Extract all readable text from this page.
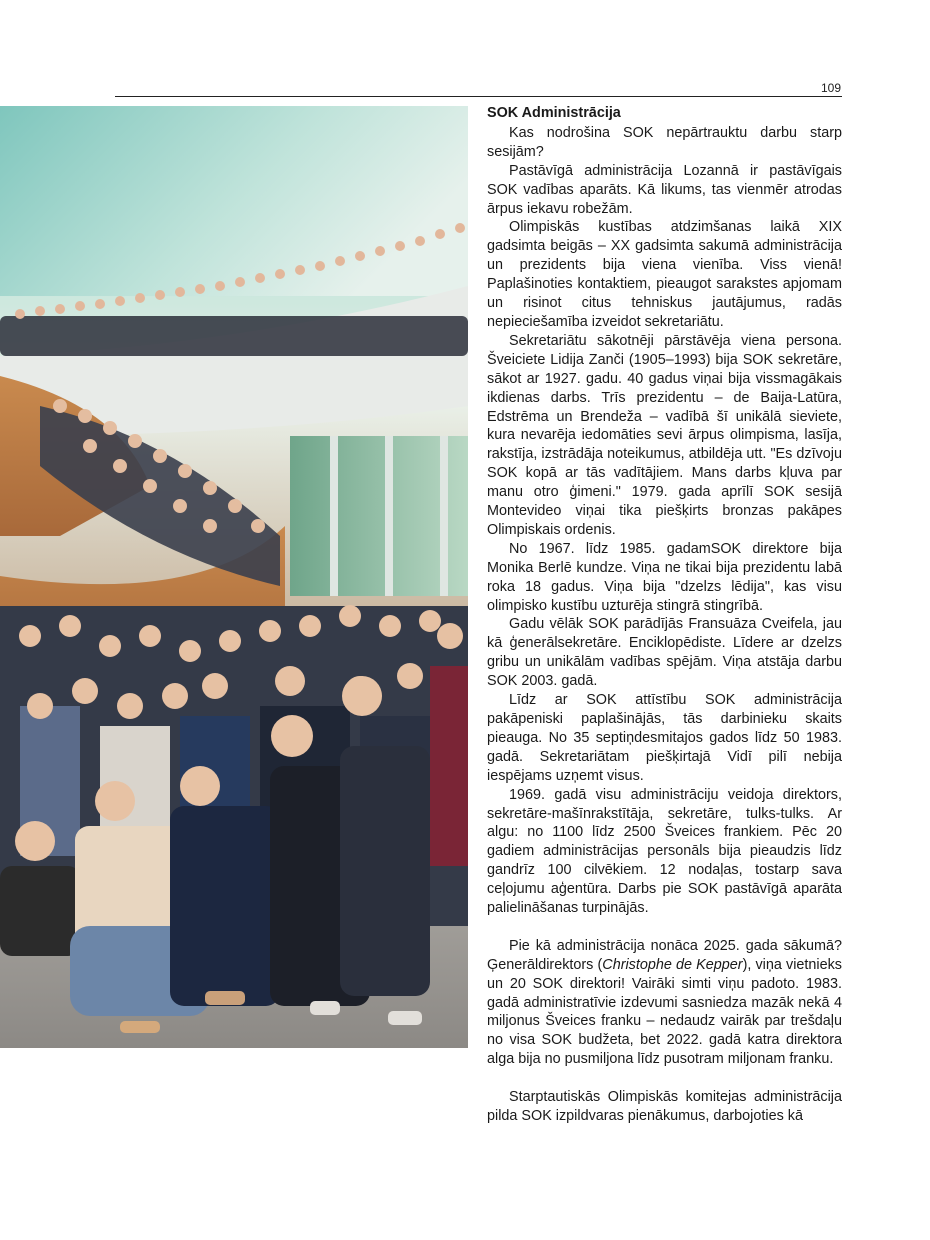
109
SOK Administrācija

Kas nodrošina SOK nepārtrauktu darbu starp sesijām?

Pastāvīgā administrācija Lozannā ir pastāvīgais SOK vadības aparāts. Kā likums, tas vienmēr atrodas ārpus iekavu robežām.

Olimpiskās kustības atdzimšanas laikā XIX gadsimta beigās – XX gadsimta sakumā administrācija un prezidents bija viena vienība. Viss vienā! Paplašinoties kontaktiem, pieaugot sarakstes apjomam un risinot citus tehniskus jautājumus, radās nepieciešamība izveidot sekretariātu.

Sekretariātu sākotnēji pārstāvēja viena persona. Šveiciete Lidija Zanči (1905–1993) bija SOK sekretāre, sākot ar 1927. gadu. 40 gadus viņai bija vissmagākais ikdienas darbs. Trīs prezidentu – de Baija-Latūra, Edstrēma un Brendeža – vadībā šī unikālā sieviete, kura nevarēja iedomāties sevi ārpus olimpisma, lasīja, rakstīja, izstrādāja noteikumus, atbildēja utt. "Es dzīvoju SOK kopā ar tās vadītājiem. Mans darbs kļuva par manu otro ģimeni." 1979. gada aprīlī SOK sesijā Montevideo viņai tika piešķirts bronzas pakāpes Olimpiskais ordenis.

No 1967. līdz 1985. gadamSOK direktore bija Monika Berlē kundze. Viņa ne tikai bija prezidentu labā roka 18 gadus. Viņa bija "dzelzs lēdija", kas visu olimpisko kustību uzturēja stingrā stingrībā.

Gadu vēlāk SOK parādījās Fransuāza Cveifela, jau kā ģenerālsekretāre. Enciklopēdiste. Līdere ar dzelzs gribu un unikālām vadības spējām. Viņa atstāja darbu SOK 2003. gadā.

Līdz ar SOK attīstību SOK administrācija pakāpeniski paplašinājās, tās darbinieku skaits pieauga. No 35 septiņdesmitajos gados līdz 50 1983. gadā. Sekretariātam piešķirtajā Vidī pilī nebija iespējams uzņemt visus.

1969. gadā visu administrāciju veidoja direktors, sekretāre-mašīnrakstītāja, sekretāre, tulks-tulks. Ar algu: no 1100 līdz 2500 Šveices frankiem. Pēc 20 gadiem administrācijas personāls bija pieaudzis līdz gandrīz 100 cilvēkiem. 12 nodaļas, tostarp sava ceļojumu aģentūra. Darbs pie SOK pastāvīgā aparāta palielināšanas turpinājās.

Pie kā administrācija nonāca 2025. gada sākumā? Ģenerāldirektors (Christophe de Kepper), viņa vietnieks un 20 SOK direktori! Vairāki simti viņu padoto. 1983. gadā administratīvie izdevumi sasniedza mazāk nekā 4 miljonus Šveices franku – nedaudz vairāk par trešdaļu no visa SOK budžeta, bet 2022. gadā katra direktora alga bija no pusmiljona līdz pusotram miljonam franku.

Starptautiskās Olimpiskās komitejas administrācija pilda SOK izpildvaras pienākumus, darbojoties kā
